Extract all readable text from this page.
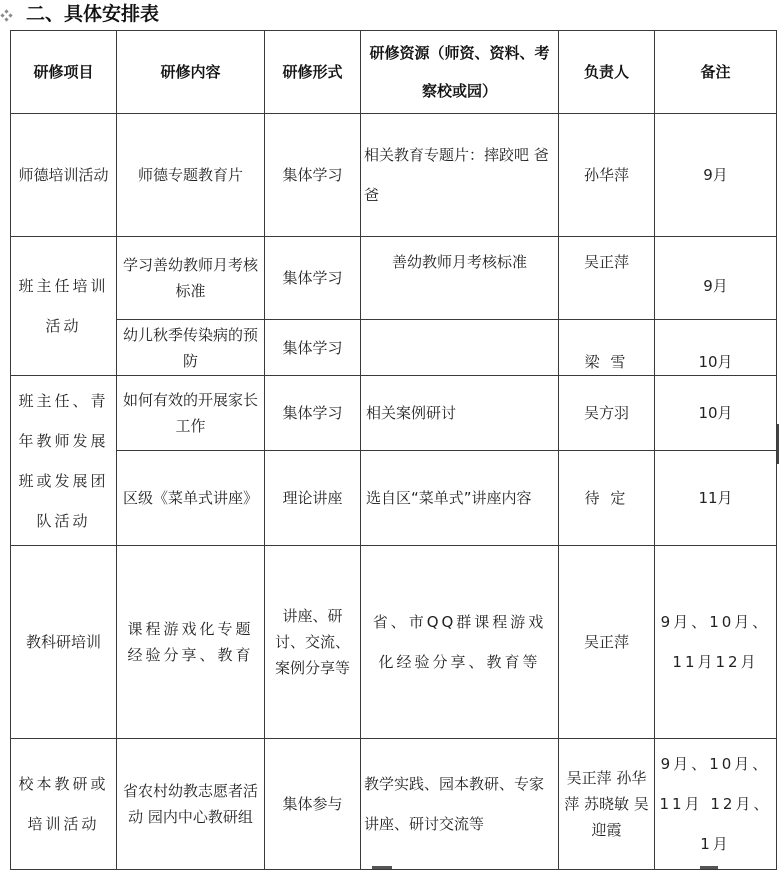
二、具体安排表
研修项目	研修内容	研修形式	研修资源（师资、资料、考察校或园）	负责人	备注
师德培训活动	师德专题教育片	集体学习	相关教育专题片：摔跤吧 爸爸	孙华萍	9月
班主任培训活动	学习善幼教师月考核标准	集体学习	善幼教师月考核标准	吴正萍	9月
	幼儿秋季传染病的预防	集体学习		梁 雪	10月
班主任、青年教师发展班或发展团队活动	如何有效的开展家长工作	集体学习	相关案例研讨	吴方羽	10月
	区级《菜单式讲座》	理论讲座	选自区“菜单式”讲座内容	待 定	11月
教科研培训	课程游戏化专题经验分享、教育	讲座、研讨、交流、案例分享等	省、市QQ群课程游戏化经验分享、教育等	吴正萍	9月、10月、11月12月
校本教研或培训活动	省农村幼教志愿者活动 园内中心教研组	集体参与	教学实践、园本教研、专家讲座、研讨交流等	吴正萍 孙华萍 苏晓敏 吴迎霞	9月、10月、11月 12月、1月
